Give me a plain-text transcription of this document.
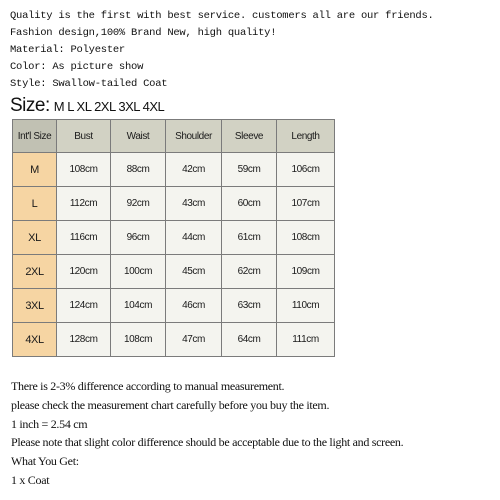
Quality is the first with best service. customers all are our friends.
Fashion design,100% Brand New, high quality!
Material: Polyester
Color: As picture show
Style: Swallow-tailed Coat
Size: M L XL 2XL 3XL 4XL
Int'l Size	Bust	Waist	Shoulder	Sleeve	Length
M	108cm	88cm	42cm	59cm	106cm
L	112cm	92cm	43cm	60cm	107cm
XL	116cm	96cm	44cm	61cm	108cm
2XL	120cm	100cm	45cm	62cm	109cm
3XL	124cm	104cm	46cm	63cm	110cm
4XL	128cm	108cm	47cm	64cm	111cm
There is 2-3% difference according to manual measurement.
please check the measurement chart carefully before you buy the item.
1 inch = 2.54 cm
Please note that slight color difference should be acceptable due to the light and screen.
What You Get:
1 x Coat
